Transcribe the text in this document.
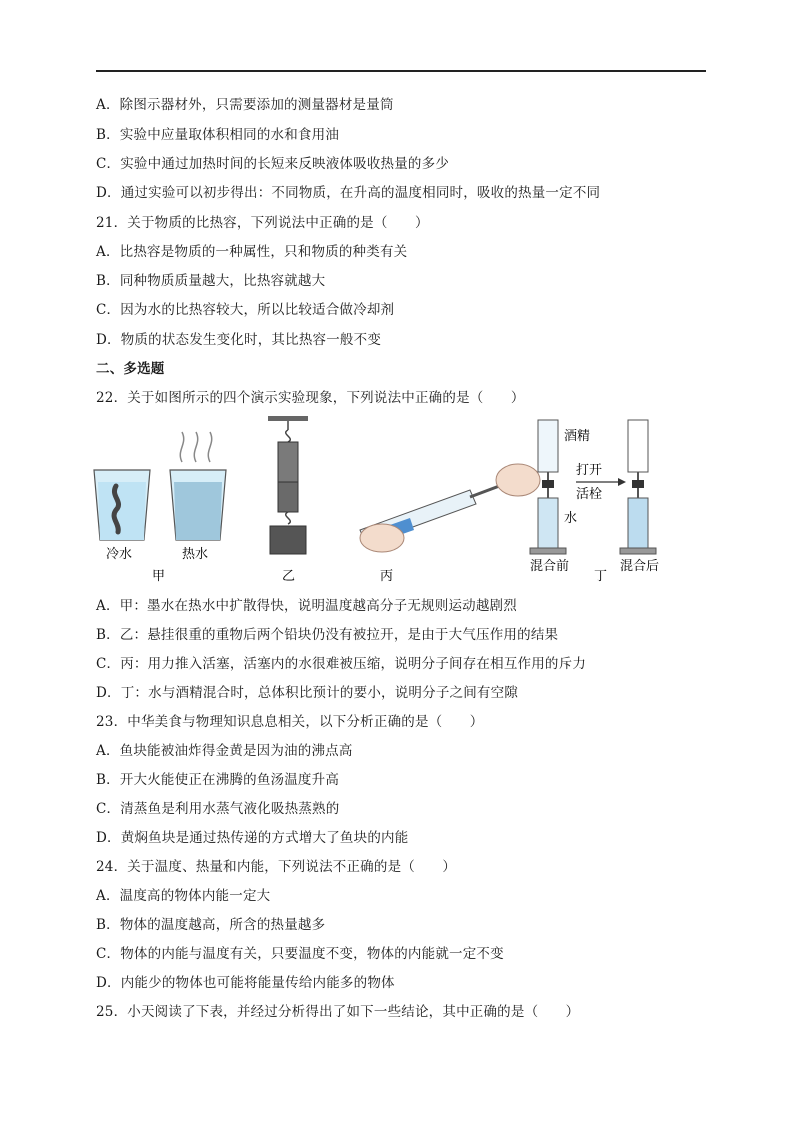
A．除图示器材外，只需要添加的测量器材是量筒
B．实验中应量取体积相同的水和食用油
C．实验中通过加热时间的长短来反映液体吸收热量的多少
D．通过实验可以初步得出：不同物质，在升高的温度相同时，吸收的热量一定不同
21．关于物质的比热容，下列说法中正确的是（　　）
A．比热容是物质的一种属性，只和物质的种类有关
B．同种物质质量越大，比热容就越大
C．因为水的比热容较大，所以比较适合做冷却剂
D．物质的状态发生变化时，其比热容一般不变
二、多选题
22．关于如图所示的四个演示实验现象，下列说法中正确的是（　　）
冷水	热水
甲	乙	丙
酒精
打开
活栓
水
混合前	混合后
丁
A．甲：墨水在热水中扩散得快，说明温度越高分子无规则运动越剧烈
B．乙：悬挂很重的重物后两个铅块仍没有被拉开，是由于大气压作用的结果
C．丙：用力推入活塞，活塞内的水很难被压缩，说明分子间存在相互作用的斥力
D．丁：水与酒精混合时，总体积比预计的要小，说明分子之间有空隙
23．中华美食与物理知识息息相关，以下分析正确的是（　　）
A．鱼块能被油炸得金黄是因为油的沸点高
B．开大火能使正在沸腾的鱼汤温度升高
C．清蒸鱼是利用水蒸气液化吸热蒸熟的
D．黄焖鱼块是通过热传递的方式增大了鱼块的内能
24．关于温度、热量和内能，下列说法不正确的是（　　）
A．温度高的物体内能一定大
B．物体的温度越高，所含的热量越多
C．物体的内能与温度有关，只要温度不变，物体的内能就一定不变
D．内能少的物体也可能将能量传给内能多的物体
25．小天阅读了下表，并经过分析得出了如下一些结论，其中正确的是（　　）
